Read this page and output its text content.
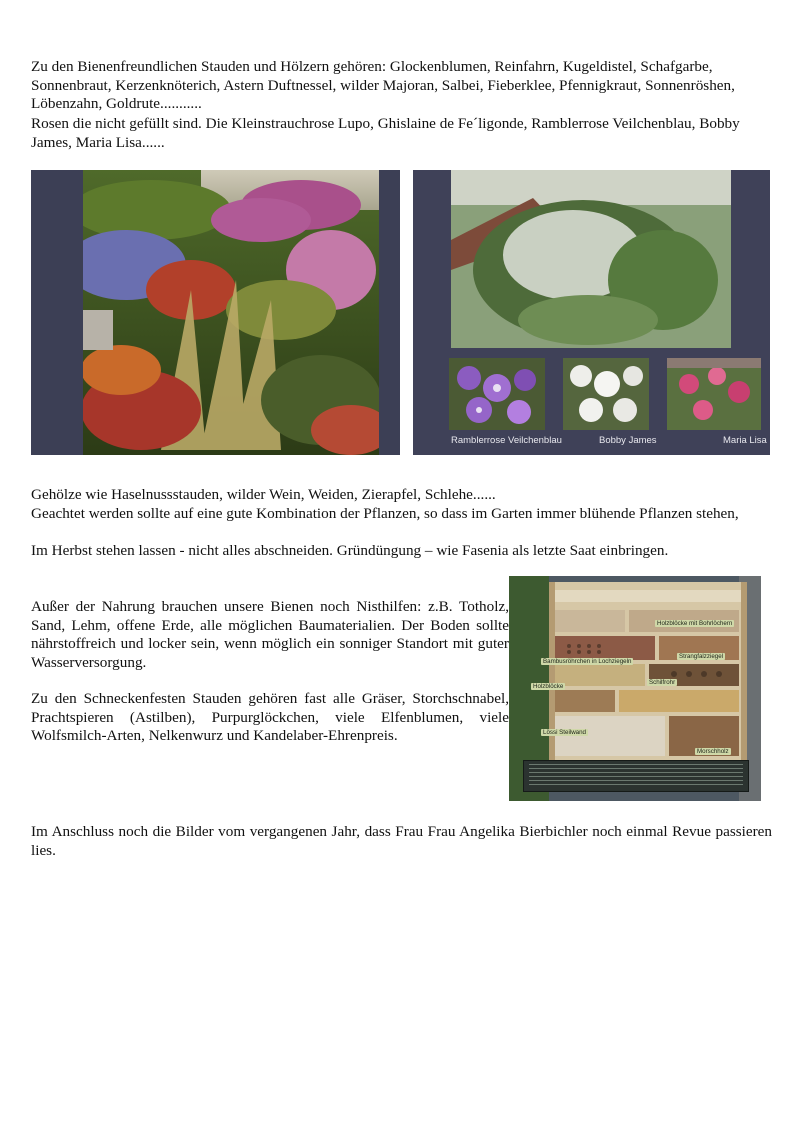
Zu den Bienenfreundlichen Stauden und Hölzern gehören: Glockenblumen, Reinfahrn, Kugeldistel, Schafgarbe, Sonnenbraut, Kerzenknöterich, Astern Duftnessel, wilder Majoran, Salbei, Fieberklee, Pfennigkraut, Sonnenröshen, Löbenzahn, Goldrute...........

Rosen die nicht gefüllt sind. Die Kleinstrauchrose Lupo, Ghislaine de Fe´ligonde, Ramblerrose Veilchenblau, Bobby James, Maria Lisa......

Ramblerrose Veilchenblau	Bobby James	Maria Lisa

Gehölze wie Haselnussstauden, wilder Wein, Weiden, Zierapfel, Schlehe......

Geachtet werden sollte auf eine gute Kombination der Pflanzen, so dass im Garten immer blühende Pflanzen stehen,

Im Herbst stehen lassen - nicht alles abschneiden. Gründüngung – wie Fasenia als letzte Saat einbringen.

Außer der Nahrung brauchen unsere Bienen noch Nisthilfen: z.B. Totholz, Sand, Lehm, offene Erde, alle möglichen Baumaterialien. Der Boden sollte nährstoffreich und locker sein, wenn möglich ein sonniger Standort mit guter Wasserversorgung.

Zu den Schneckenfesten Stauden gehören fast alle Gräser, Storchschnabel, Prachtspieren (Astilben), Purpurglöckchen, viele Elfenblumen, viele Wolfsmilch-Arten, Nelkenwurz und Kandelaber-Ehrenpreis.

Holzblöcke mit Bohrlöchern
Bambusröhrchen in Lochziegeln
Strangfalzziegel
Holzblöcke
Schilfrohr
Lössi Steilwand
Morschholz

Im Anschluss noch die Bilder vom vergangenen Jahr, dass Frau Frau Angelika Bierbichler noch einmal Revue passieren lies.
